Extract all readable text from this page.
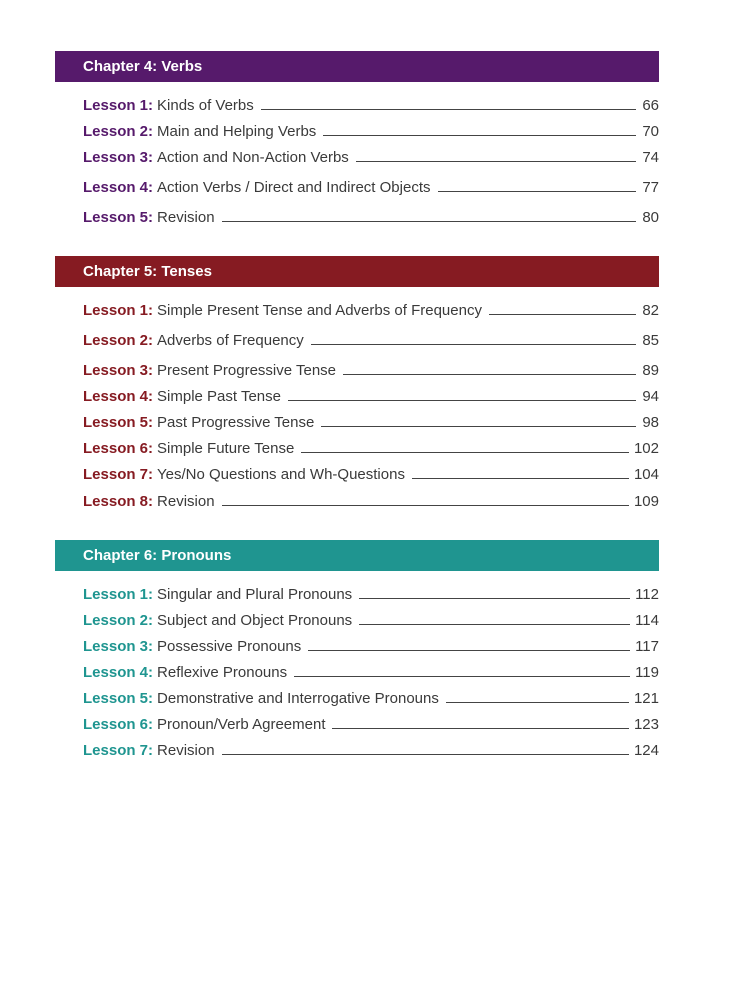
Chapter 4: Verbs
Lesson 1: Kinds of Verbs	66
Lesson 2: Main and Helping Verbs	70
Lesson 3: Action and Non-Action Verbs	74
Lesson 4: Action Verbs / Direct and Indirect Objects	77
Lesson 5: Revision	80
Chapter 5: Tenses
Lesson 1: Simple Present Tense and Adverbs of Frequency	82
Lesson 2: Adverbs of Frequency	85
Lesson 3: Present Progressive Tense	89
Lesson 4: Simple Past Tense	94
Lesson 5: Past Progressive Tense	98
Lesson 6: Simple Future Tense	102
Lesson 7: Yes/No Questions and Wh-Questions	104
Lesson 8: Revision	109
Chapter 6: Pronouns
Lesson 1: Singular and Plural Pronouns	112
Lesson 2: Subject and Object Pronouns	114
Lesson 3: Possessive Pronouns	117
Lesson 4: Reflexive Pronouns	119
Lesson 5: Demonstrative and Interrogative Pronouns	121
Lesson 6: Pronoun/Verb Agreement	123
Lesson 7: Revision	124
